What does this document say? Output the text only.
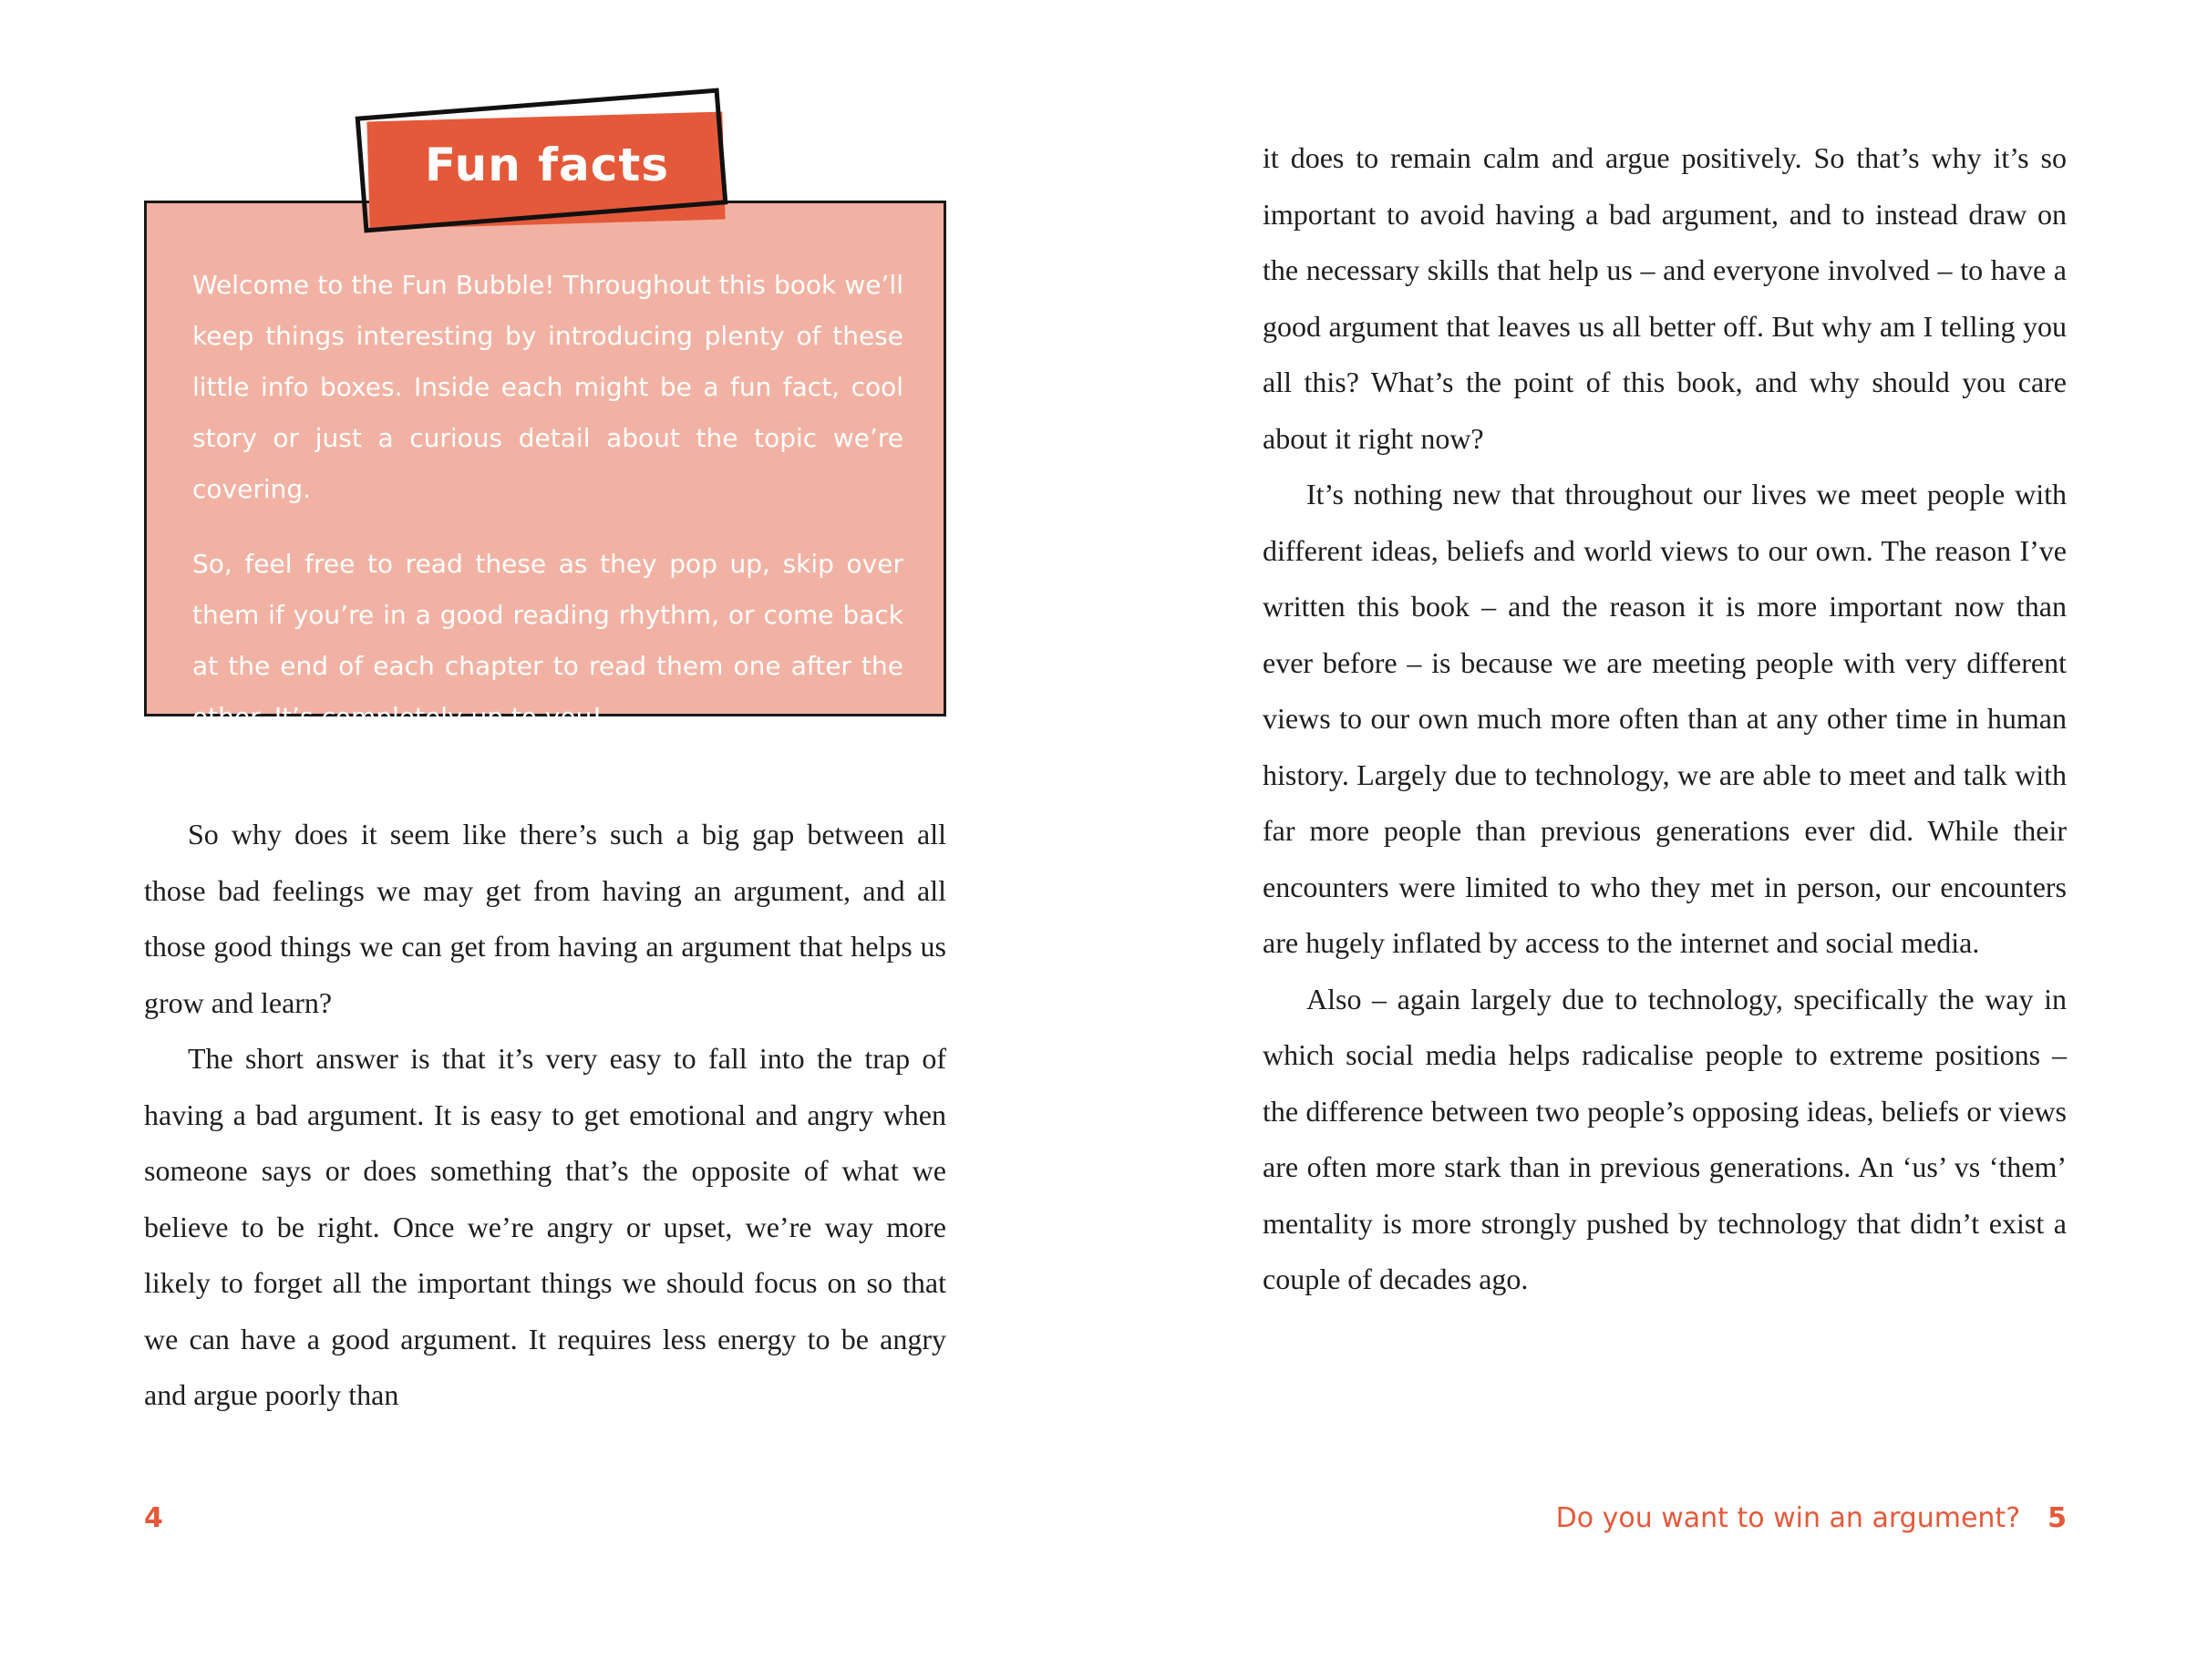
Welcome to the Fun Bubble! Throughout this book we’ll keep things interesting by introducing plenty of these little info boxes. Inside each might be a fun fact, cool story or just a curious detail about the topic we’re covering.

So, feel free to read these as they pop up, skip over them if you’re in a good reading rhythm, or come back at the end of each chapter to read them one after the other. It’s completely up to you!

Fun facts

So why does it seem like there’s such a big gap between all those bad feelings we may get from having an argument, and all those good things we can get from having an argument that helps us grow and learn?

The short answer is that it’s very easy to fall into the trap of having a bad argument. It is easy to get emotional and angry when someone says or does something that’s the opposite of what we believe to be right. Once we’re angry or upset, we’re way more likely to forget all the important things we should focus on so that we can have a good argument. It requires less energy to be angry and argue poorly than

4

it does to remain calm and argue positively. So that’s why it’s so important to avoid having a bad argument, and to instead draw on the necessary skills that help us – and everyone involved – to have a good argument that leaves us all better off. But why am I telling you all this? What’s the point of this book, and why should you care about it right now?

It’s nothing new that throughout our lives we meet people with different ideas, beliefs and world views to our own. The reason I’ve written this book – and the reason it is more important now than ever before – is because we are meeting people with very different views to our own much more often than at any other time in human history. Largely due to technology, we are able to meet and talk with far more people than previous generations ever did. While their encounters were limited to who they met in person, our encounters are hugely inflated by access to the internet and social media.

Also – again largely due to technology, specifically the way in which social media helps radicalise people to extreme positions – the difference between two people’s opposing ideas, beliefs or views are often more stark than in previous generations. An ‘us’ vs ‘them’ mentality is more strongly pushed by technology that didn’t exist a couple of decades ago.

Do you want to win an argument? 5
